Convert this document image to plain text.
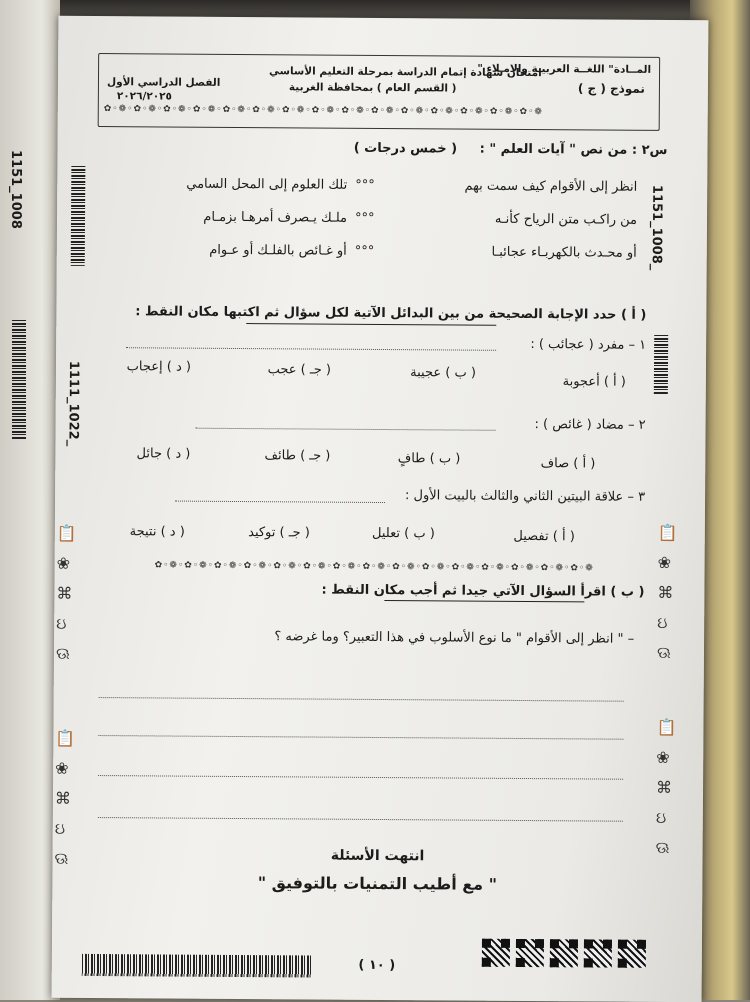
1151_1008
المــادة" اللغــة العربيـة والامـلاء "
نموذج ( ج )
امتحان شهادة إتمام الدراسة بمرحلة التعليم الأساسي
( القسم العام ) بمحافظة الغربية
الفصل الدراسي الأول
٢٠٢٦/٢٠٢٥
✿◦❁◦✿◦❁◦✿◦❁◦✿◦❁◦✿◦❁◦✿◦❁◦✿◦❁◦✿◦❁◦✿◦❁◦✿◦❁◦✿◦❁◦✿◦❁◦✿◦❁◦✿◦❁◦✿◦❁
1151_1008_
1111_1022_
س٢ : من نص " آيات العلم " : ( خمس درجات )
انظر إلى الأقوام كيف سمت بهم
°°°
تلك العلوم إلى المحل السامي
من راكـب متن الرياح كأنـه
°°°
ملـك يـصرف أمرهـا بزمـام
أو محـدث بالكهربـاء عجائبـا
°°°
أو غـائص بالفلـك أو عـوام
( أ ) حدد الإجابة الصحيحة من بين البدائل الآتية لكل سؤال ثم اكتبها مكان النقط :
١ – مفرد ( عجائب ) :
( أ ) أعجوبة
( ب ) عجيبة
( جـ ) عجب
( د ) إعجاب
٢ – مضاد ( غائص ) :
( أ ) صاف
( ب ) طافٍ
( جـ ) طائف
( د ) جائل
٣ – علاقة البيتين الثاني والثالث بالبيت الأول :
( أ ) تفصيل
( ب ) تعليل
( جـ ) توكيد
( د ) نتيجة
✿◦❁◦✿◦❁◦✿◦❁◦✿◦❁◦✿◦❁◦✿◦❁◦✿◦❁◦✿◦❁◦✿◦❁◦✿◦❁◦✿◦❁◦✿◦❁◦✿◦❁◦✿◦❁◦✿◦❁
( ب ) اقرأ السؤال الآتي جيدا ثم أجب مكان النقط :
– " انظر إلى الأقوام " ما نوع الأسلوب في هذا التعبير؟ وما غرضه ؟
📋
❀
⌘
ઇ
ଊ
📋
❀
⌘
ઇ
ଊ
📋
❀
⌘
ઇ
ଊ
📋
❀
⌘
ઇ
ଊ	انتهت الأسئلة
" مع أطيب التمنيات بالتوفيق "
( ١٠ )
